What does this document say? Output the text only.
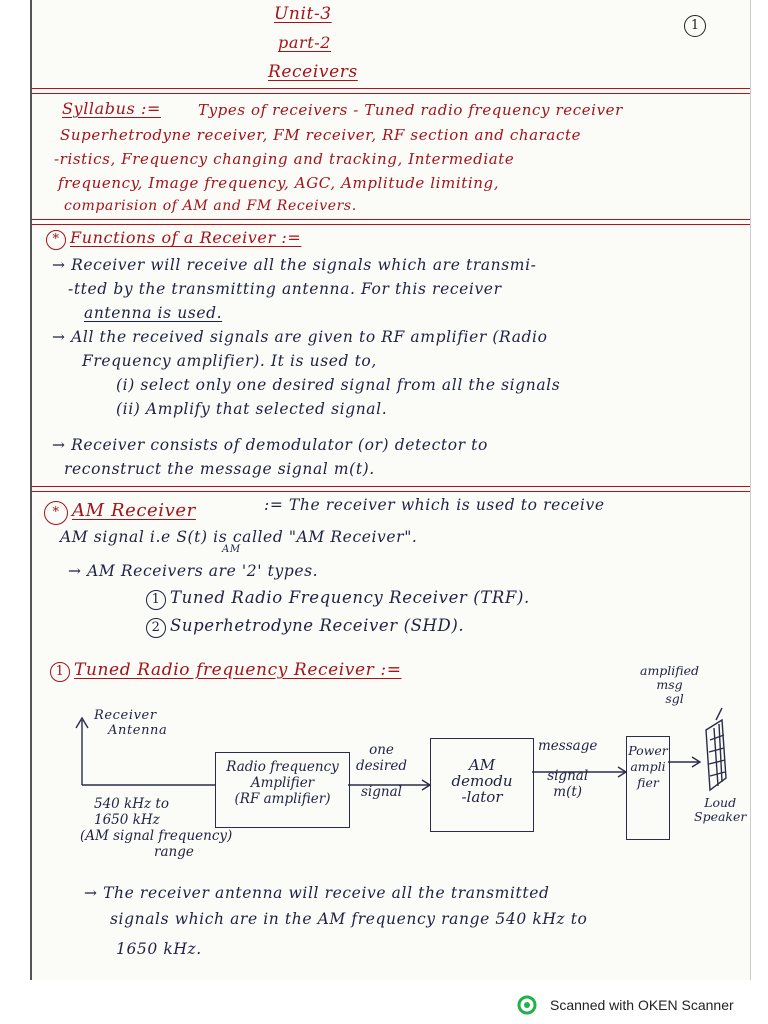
Unit-3
part-2
Receivers
1
Syllabus := Types of receivers - Tuned radio frequency receiver
Superhetrodyne receiver, FM receiver, RF section and characte
-ristics, Frequency changing and tracking, Intermediate
frequency, Image frequency, AGC, Amplitude limiting,
comparision of AM and FM Receivers.
* Functions of a Receiver :=
→ Receiver will receive all the signals which are transmi-
-tted by the transmitting antenna. For this receiver
antenna is used.
→ All the received signals are given to RF amplifier (Radio
Frequency amplifier). It is used to,
(i) select only one desired signal from all the signals
(ii) Amplify that selected signal.
→ Receiver consists of demodulator (or) detector to
reconstruct the message signal m(t).
* AM Receiver	:= The receiver which is used to receive
AM signal i.e S(t) is called "AM Receiver".
AM
→ AM Receivers are '2' types.
1 Tuned Radio Frequency Receiver (TRF).
2 Superhetrodyne Receiver (SHD).
1 Tuned Radio frequency Receiver :=
Receiver
Antenna
540 kHz to
1650 kHz
(AM signal frequency)
range
Radio frequency
Amplifier
(RF amplifier)
one
desired
signal
AM
demodu
-lator
message
signal
m(t)
Power
ampli
fier
amplified
msg
sgl
Loud
Speaker
→ The receiver antenna will receive all the transmitted
signals which are in the AM frequency range 540 kHz to
1650 kHz.
Scanned with OKEN Scanner
